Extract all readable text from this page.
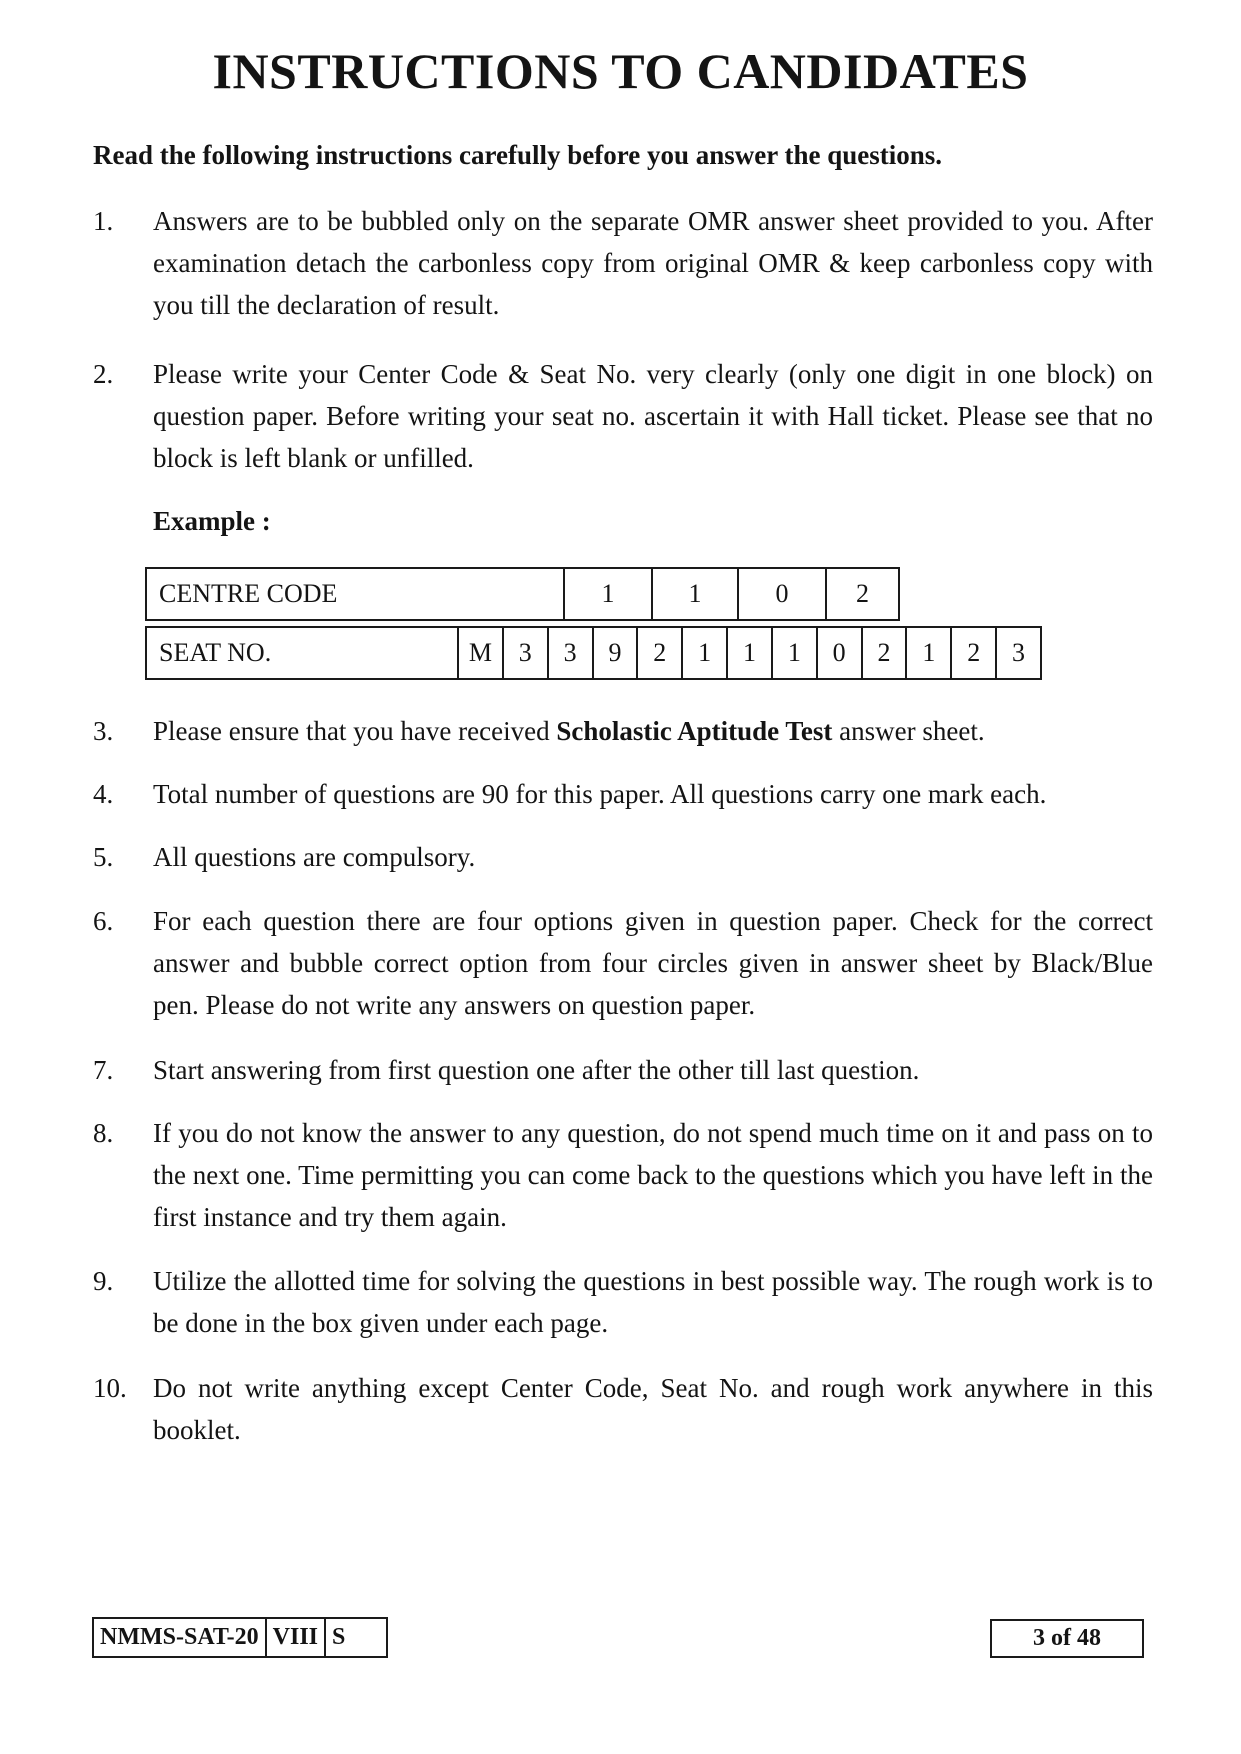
INSTRUCTIONS TO CANDIDATES
Read the following instructions carefully before you answer the questions.
1. Answers are to be bubbled only on the separate OMR answer sheet provided to you. After examination detach the carbonless copy from original OMR & keep carbonless copy with you till the declaration of result.
2. Please write your Center Code & Seat No. very clearly (only one digit in one block) on question paper. Before writing your seat no. ascertain it with Hall ticket. Please see that no block is left blank or unfilled.
Example :
CENTRE CODE	1	1	0	2
SEAT NO.	M	3	3	9	2	1	1	1	0	2	1	2	3
3. Please ensure that you have received Scholastic Aptitude Test answer sheet.
4. Total number of questions are 90 for this paper. All questions carry one mark each.
5. All questions are compulsory.
6. For each question there are four options given in question paper. Check for the correct answer and bubble correct option from four circles given in answer sheet by Black/Blue pen. Please do not write any answers on question paper.
7. Start answering from first question one after the other till last question.
8. If you do not know the answer to any question, do not spend much time on it and pass on to the next one. Time permitting you can come back to the questions which you have left in the first instance and try them again.
9. Utilize the allotted time for solving the questions in best possible way. The rough work is to be done in the box given under each page.
10. Do not write anything except Center Code, Seat No. and rough work anywhere in this booklet.
NMMS-SAT-20 VIII S	3 of 48
